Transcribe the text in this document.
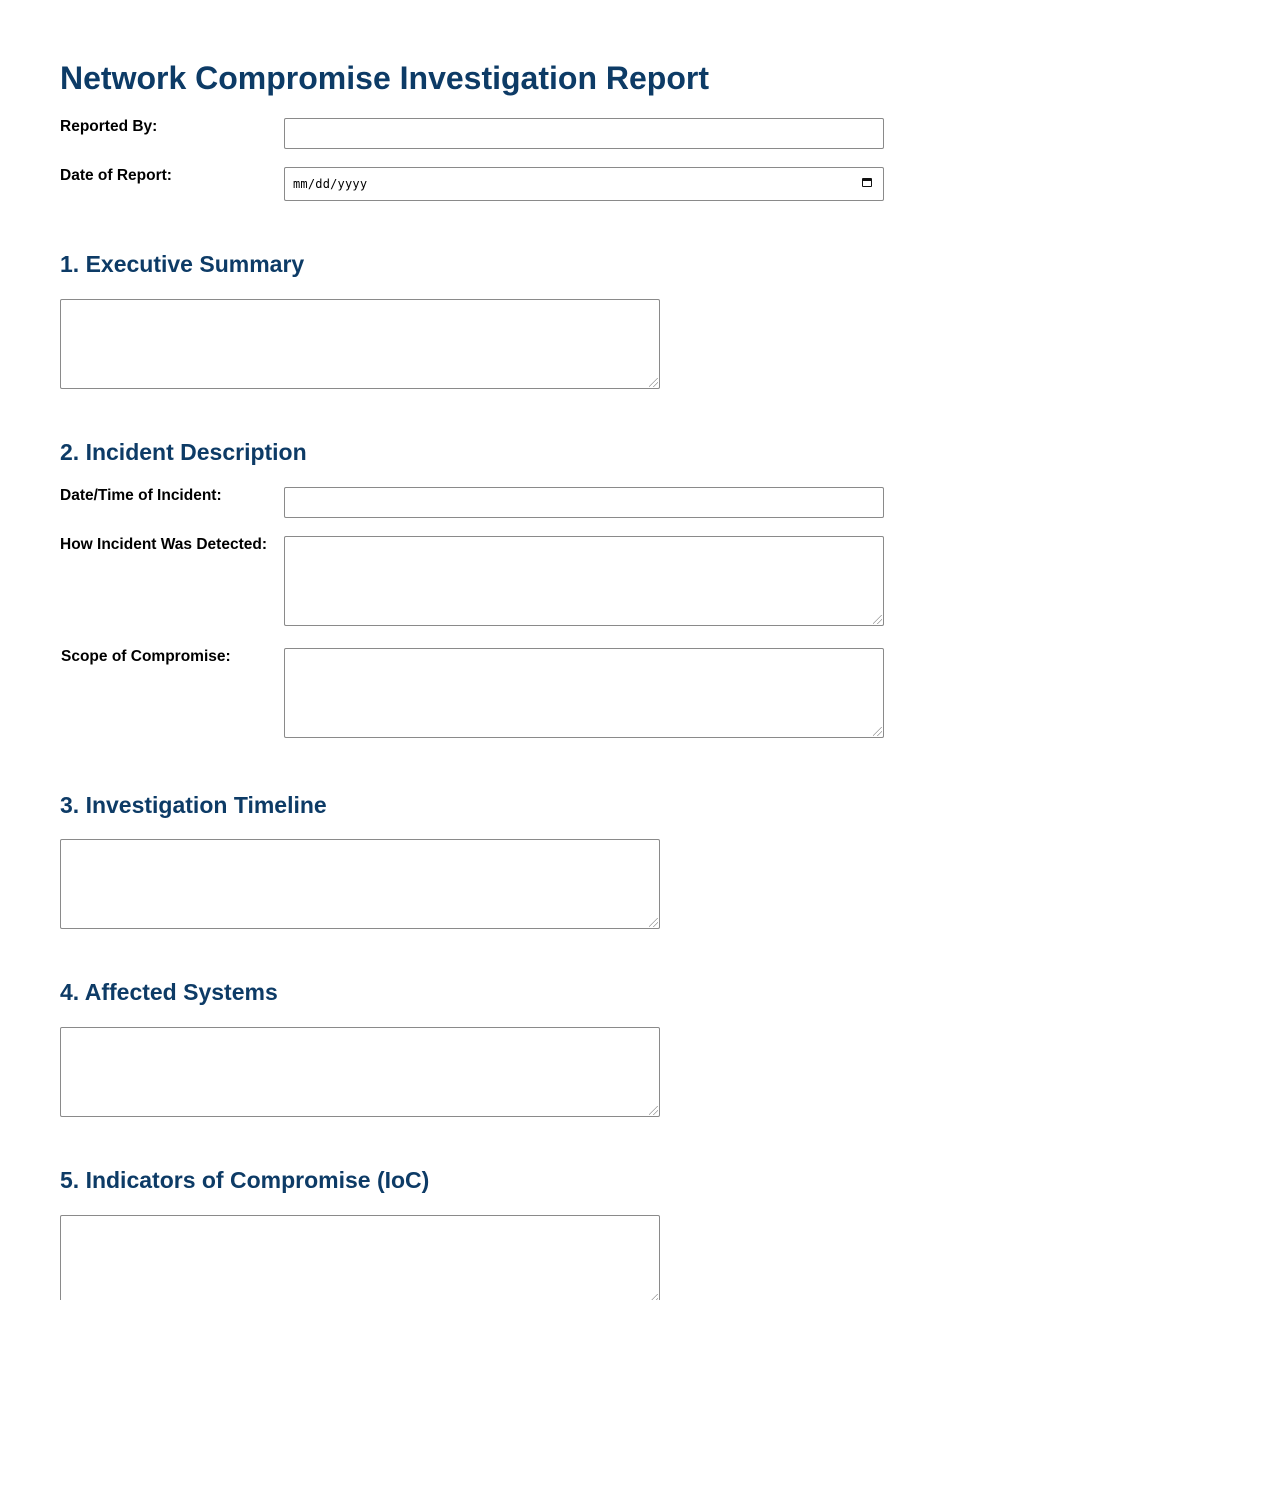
Network Compromise Investigation Report
Reported By:
Date of Report:	mm/dd/yyyy
1. Executive Summary
2. Incident Description
Date/Time of Incident:
How Incident Was Detected:
Scope of Compromise:
3. Investigation Timeline
4. Affected Systems
5. Indicators of Compromise (IoC)
